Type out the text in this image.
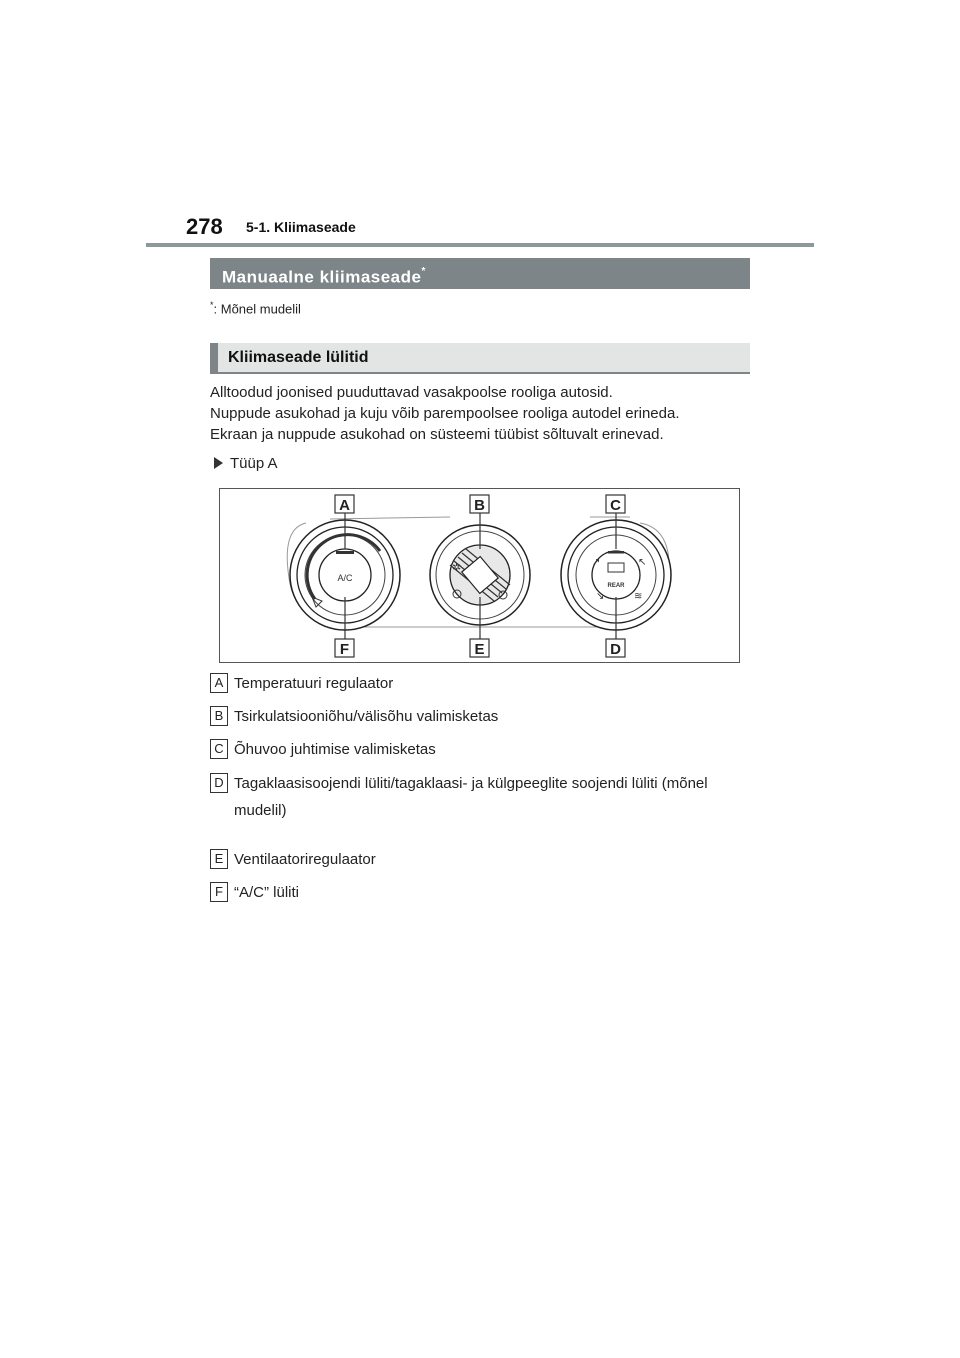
278 5-1. Kliimaseade
Manuaalne kliimaseade*
*: Mõnel mudelil
Kliimaseade lülitid
Alltoodud joonised puuduttavad vasakpoolse rooliga autosid.
Nuppude asukohad ja kuju võib parempoolsee rooliga autodel erineda.
Ekraan ja nuppude asukohad on süsteemi tüübist sõltuvalt erinevad.
Tüüp A
A/C
✲
REAR
↗	↖
↘	≋
A	B	C
D
E
F
A Temperatuuri regulaator
B Tsirkulatsiooniõhu/välisõhu valimisketas
C Õhuvoo juhtimise valimisketas
D Tagaklaasisoojendi lüliti/tagaklaasi- ja külgpeeglite soojendi lüliti (mõnel mudelil)
E Ventilaatoriregulaator
F “A/C” lüliti
